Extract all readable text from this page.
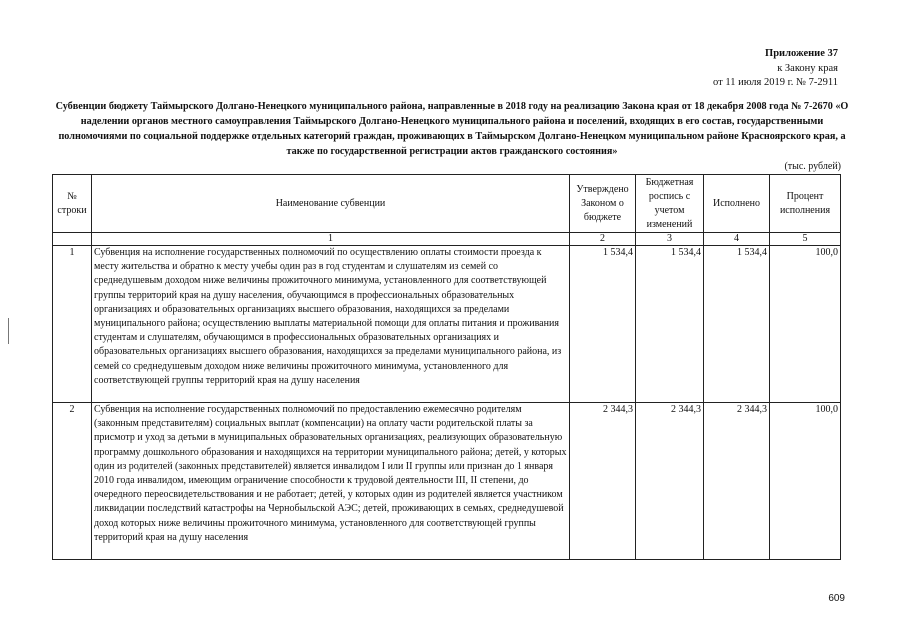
Приложение 37
к Закону края
от 11 июля 2019 г. № 7-2911
Субвенции бюджету Таймырского Долгано-Ненецкого муниципального района, направленные в 2018 году на реализацию Закона края от 18 декабря 2008 года № 7-2670 «О наделении органов местного самоуправления Таймырского Долгано-Ненецкого муниципального района и поселений, входящих в его состав, государственными полномочиями по социальной поддержке отдельных категорий граждан, проживающих в Таймырском Долгано-Ненецком муниципальном районе Красноярского края, а также по государственной регистрации актов гражданского состояния»
(тыс. рублей)
№ строки	Наименование субвенции	Утверждено Законом о бюджете	Бюджетная роспись с учетом изменений	Исполнено	Процент исполнения
	1	2	3	4	5
1	Субвенция на исполнение государственных полномочий по осуществлению оплаты стоимости проезда к месту жительства и обратно к месту учебы один раз в год студентам и слушателям из семей со среднедушевым доходом ниже величины прожиточного минимума, установленного для соответствующей группы территорий края на душу населения, обучающимся в профессиональных образовательных организациях и образовательных организациях высшего образования, находящихся за пределами муниципального района; осуществлению выплаты материальной помощи для оплаты питания и проживания студентам и слушателям, обучающимся в профессиональных образовательных организациях и образовательных организациях высшего образования, находящихся за пределами муниципального района, из семей со среднедушевым доходом ниже величины прожиточного минимума, установленного для соответствующей группы территорий края на душу населения	1 534,4	1 534,4	1 534,4	100,0
2	Субвенция на исполнение государственных полномочий по предоставлению ежемесячно родителям (законным представителям) социальных выплат (компенсации) на оплату части родительской платы за присмотр и уход за детьми в муниципальных образовательных организациях, реализующих образовательную программу дошкольного образования и находящихся на территории муниципального района; детей, у которых один из родителей (законных представителей) является инвалидом I или II группы или признан до 1 января 2010 года инвалидом, имеющим ограничение способности к трудовой деятельности III, II степени, до очередного переосвидетельствования и не работает; детей, у которых один из родителей является участником ликвидации последствий катастрофы на Чернобыльской АЭС; детей, проживающих в семьях, среднедушевой доход которых ниже величины прожиточного минимума, установленного для соответствующей группы территорий края на душу населения	2 344,3	2 344,3	2 344,3	100,0
609
